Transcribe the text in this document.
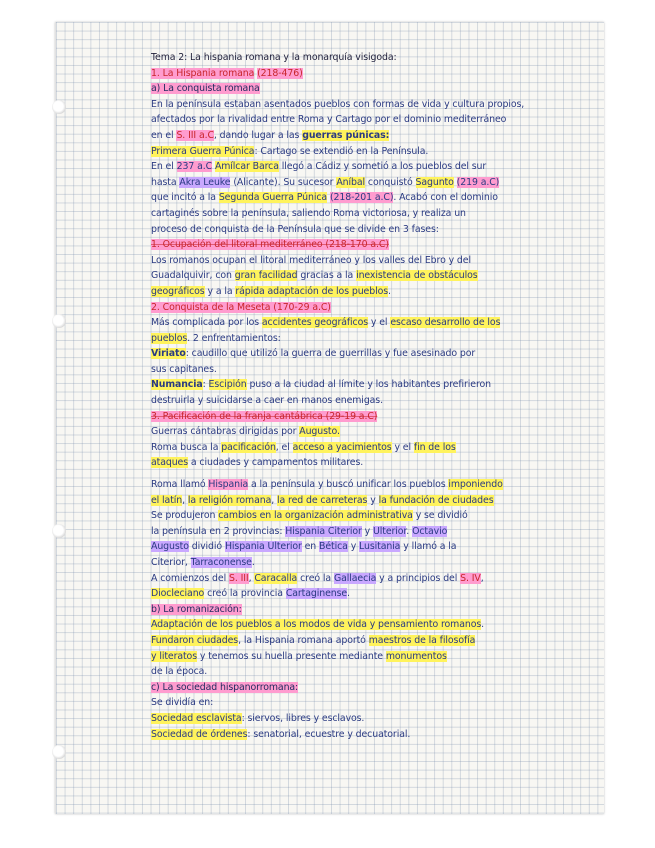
Tema 2: La hispania romana y la monarquía visigoda:
1. La Hispania romana (218-476)
a) La conquista romana
En la península estaban asentados pueblos con formas de vida y cultura propios,
afectados por la rivalidad entre Roma y Cartago por el dominio mediterráneo
en el S. III a.C, dando lugar a las guerras púnicas:
Primera Guerra Púnica: Cartago se extendió en la Península.
En el 237 a.C Amílcar Barca llegó a Cádiz y sometió a los pueblos del sur
hasta Akra Leuke (Alicante). Su sucesor Aníbal conquistó Sagunto (219 a.C)
que incitó a la Segunda Guerra Púnica (218-201 a.C). Acabó con el dominio
cartaginés sobre la península, saliendo Roma victoriosa, y realiza un
proceso de conquista de la Península que se divide en 3 fases:
1. Ocupación del litoral mediterráneo (218-170 a.C)
Los romanos ocupan el litoral mediterráneo y los valles del Ebro y del
Guadalquivir, con gran facilidad gracias a la inexistencia de obstáculos
geográficos y a la rápida adaptación de los pueblos.
2. Conquista de la Meseta (170-29 a.C)
Más complicada por los accidentes geográficos y el escaso desarrollo de los
pueblos. 2 enfrentamientos:
Viriato: caudillo que utilizó la guerra de guerrillas y fue asesinado por
sus capitanes.
Numancia: Escipión puso a la ciudad al límite y los habitantes prefirieron
destruirla y suicidarse a caer en manos enemigas.
3. Pacificación de la franja cantábrica (29-19 a.C)
Guerras cántabras dirigidas por Augusto.
Roma busca la pacificación, el acceso a yacimientos y el fin de los
ataques a ciudades y campamentos militares.
Roma llamó Hispania a la península y buscó unificar los pueblos imponiendo
el latín, la religión romana, la red de carreteras y la fundación de ciudades
Se produjeron cambios en la organización administrativa y se dividió
la península en 2 provincias: Hispania Citerior y Ulterior. Octavio
Augusto dividió Hispania Ulterior en Bética y Lusitania y llamó a la
Citerior, Tarraconense.
A comienzos del S. III, Caracalla creó la Gallaecia y a principios del S. IV,
Diocleciano creó la provincia Cartaginense.
b) La romanización:
Adaptación de los pueblos a los modos de vida y pensamiento romanos.
Fundaron ciudades, la Hispania romana aportó maestros de la filosofía
y literatos y tenemos su huella presente mediante monumentos
de la época.
c) La sociedad hispanorromana:
Se dividía en:
Sociedad esclavista: siervos, libres y esclavos.
Sociedad de órdenes: senatorial, ecuestre y decuatorial.
